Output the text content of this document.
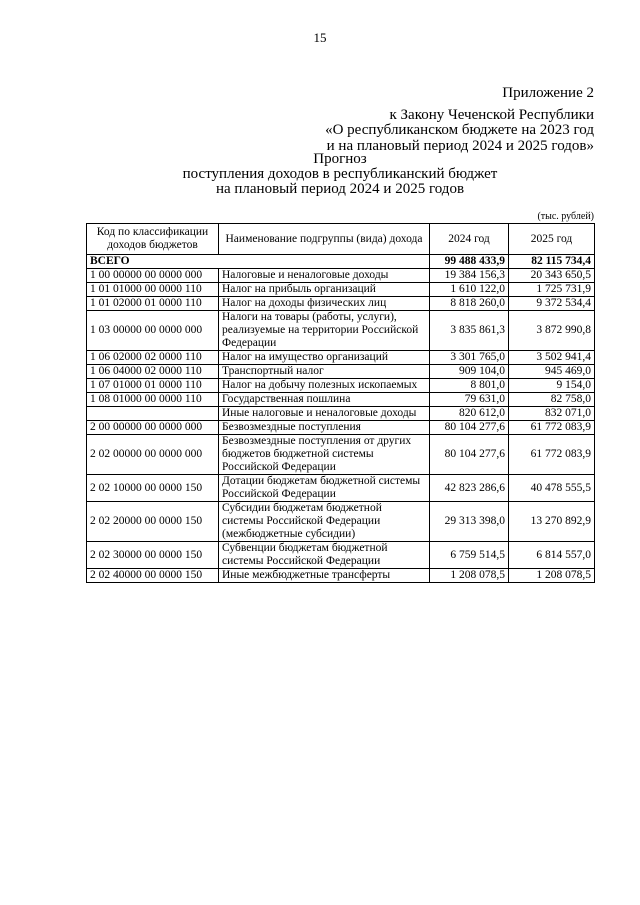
15
Приложение 2
к Закону Чеченской Республики
«О республиканском бюджете на 2023 год
и на плановый период 2024 и 2025 годов»
Прогноз
поступления доходов в республиканский бюджет
на плановый период 2024 и 2025 годов
(тыс. рублей)
Код по классификации доходов бюджетов	Наименование подгруппы (вида) дохода	2024 год	2025 год
ВСЕГО		99 488 433,9	82 115 734,4
1 00 00000 00 0000 000	Налоговые и неналоговые доходы	19 384 156,3	20 343 650,5
1 01 01000 00 0000 110	Налог на прибыль организаций	1 610 122,0	1 725 731,9
1 01 02000 01 0000 110	Налог на доходы физических лиц	8 818 260,0	9 372 534,4
1 03 00000 00 0000 000	Налоги на товары (работы, услуги), реализуемые на территории Российской Федерации	3 835 861,3	3 872 990,8
1 06 02000 02 0000 110	Налог на имущество организаций	3 301 765,0	3 502 941,4
1 06 04000 02 0000 110	Транспортный налог	909 104,0	945 469,0
1 07 01000 01 0000 110	Налог на добычу полезных ископаемых	8 801,0	9 154,0
1 08 01000 00 0000 110	Государственная пошлина	79 631,0	82 758,0
	Иные налоговые и неналоговые доходы	820 612,0	832 071,0
2 00 00000 00 0000 000	Безвозмездные поступления	80 104 277,6	61 772 083,9
2 02 00000 00 0000 000	Безвозмездные поступления от других бюджетов бюджетной системы Российской Федерации	80 104 277,6	61 772 083,9
2 02 10000 00 0000 150	Дотации бюджетам бюджетной системы Российской Федерации	42 823 286,6	40 478 555,5
2 02 20000 00 0000 150	Субсидии бюджетам бюджетной системы Российской Федерации (межбюджетные субсидии)	29 313 398,0	13 270 892,9
2 02 30000 00 0000 150	Субвенции бюджетам бюджетной системы Российской Федерации	6 759 514,5	6 814 557,0
2 02 40000 00 0000 150	Иные межбюджетные трансферты	1 208 078,5	1 208 078,5
